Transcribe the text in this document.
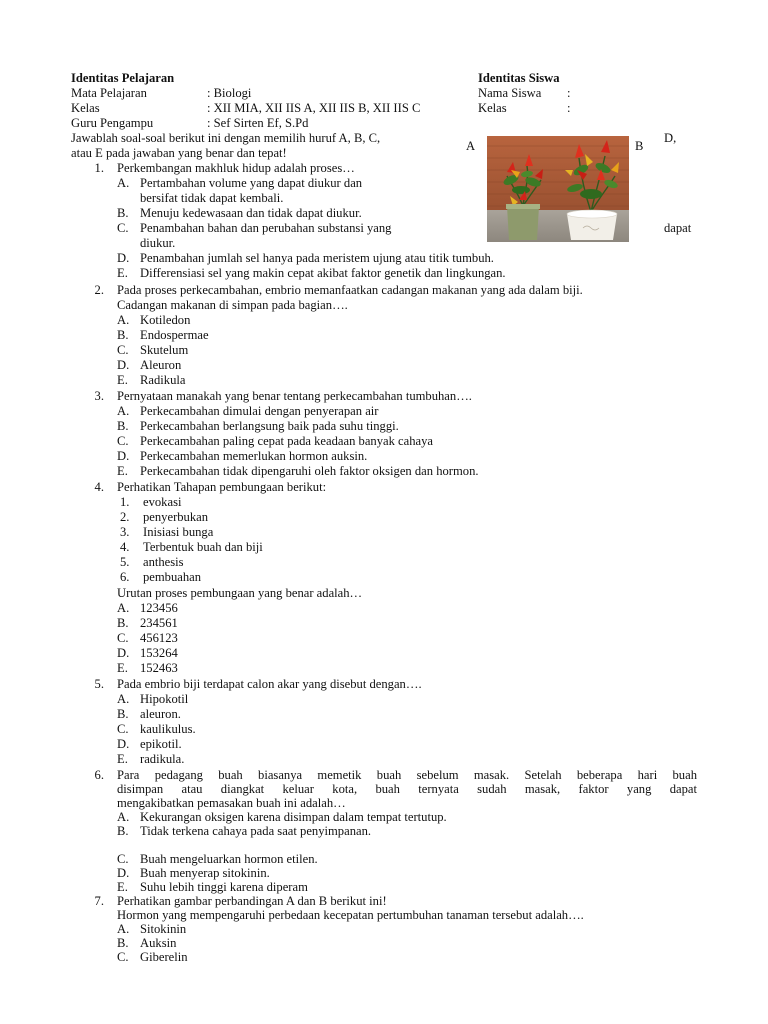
Identitas Pelajaran	Identitas Siswa
Mata Pelajaran	: Biologi
Kelas	: XII MIA, XII IIS A, XII IIS B, XII IIS C
Guru Pengampu	: Sef Sirten Ef, S.Pd
Nama Siswa :
Kelas	:
Jawablah soal-soal berikut ini dengan memilih huruf A, B, C,	D,
atau E pada jawaban yang benar dan tepat!	A	B
1. Perkembangan makhluk hidup adalah proses…
A. Pertambahan volume yang dapat diukur dan
bersifat tidak dapat kembali.
B. Menuju kedewasaan dan tidak dapat diukur.
C. Penambahan bahan dan perubahan substansi yang	dapat
diukur.
D. Penambahan jumlah sel hanya pada meristem ujung atau titik tumbuh.
E. Differensiasi sel yang makin cepat akibat faktor genetik dan lingkungan.
2. Pada proses perkecambahan, embrio memanfaatkan cadangan makanan yang ada dalam biji.
Cadangan makanan di simpan pada bagian….
A. Kotiledon
B. Endospermae
C. Skutelum
D. Aleuron
E. Radikula
3. Pernyataan manakah yang benar tentang perkecambahan tumbuhan….
A. Perkecambahan dimulai dengan penyerapan air
B. Perkecambahan berlangsung baik pada suhu tinggi.
C. Perkecambahan paling cepat pada keadaan banyak cahaya
D. Perkecambahan memerlukan hormon auksin.
E. Perkecambahan tidak dipengaruhi oleh faktor oksigen dan hormon.
4. Perhatikan Tahapan pembungaan berikut:
1. evokasi
2. penyerbukan
3. Inisiasi bunga
4. Terbentuk buah dan biji
5. anthesis
6. pembuahan
Urutan proses pembungaan yang benar adalah…
A. 123456
B. 234561
C. 456123
D. 153264
E. 152463
5. Pada embrio biji terdapat calon akar yang disebut dengan….
A. Hipokotil
B. aleuron.
C. kaulikulus.
D. epikotil.
E. radikula.
6. Para pedagang buah biasanya memetik buah sebelum masak. Setelah beberapa hari buah
disimpan atau diangkat keluar kota, buah ternyata sudah masak, faktor yang dapat
mengakibatkan pemasakan buah ini adalah…
A. Kekurangan oksigen karena disimpan dalam tempat tertutup.
B. Tidak terkena cahaya pada saat penyimpanan.
C. Buah mengeluarkan hormon etilen.
D. Buah menyerap sitokinin.
E. Suhu lebih tinggi karena diperam
7. Perhatikan gambar perbandingan A dan B berikut ini!
Hormon yang mempengaruhi perbedaan kecepatan pertumbuhan tanaman tersebut adalah….
A. Sitokinin
B. Auksin
C. Giberelin
